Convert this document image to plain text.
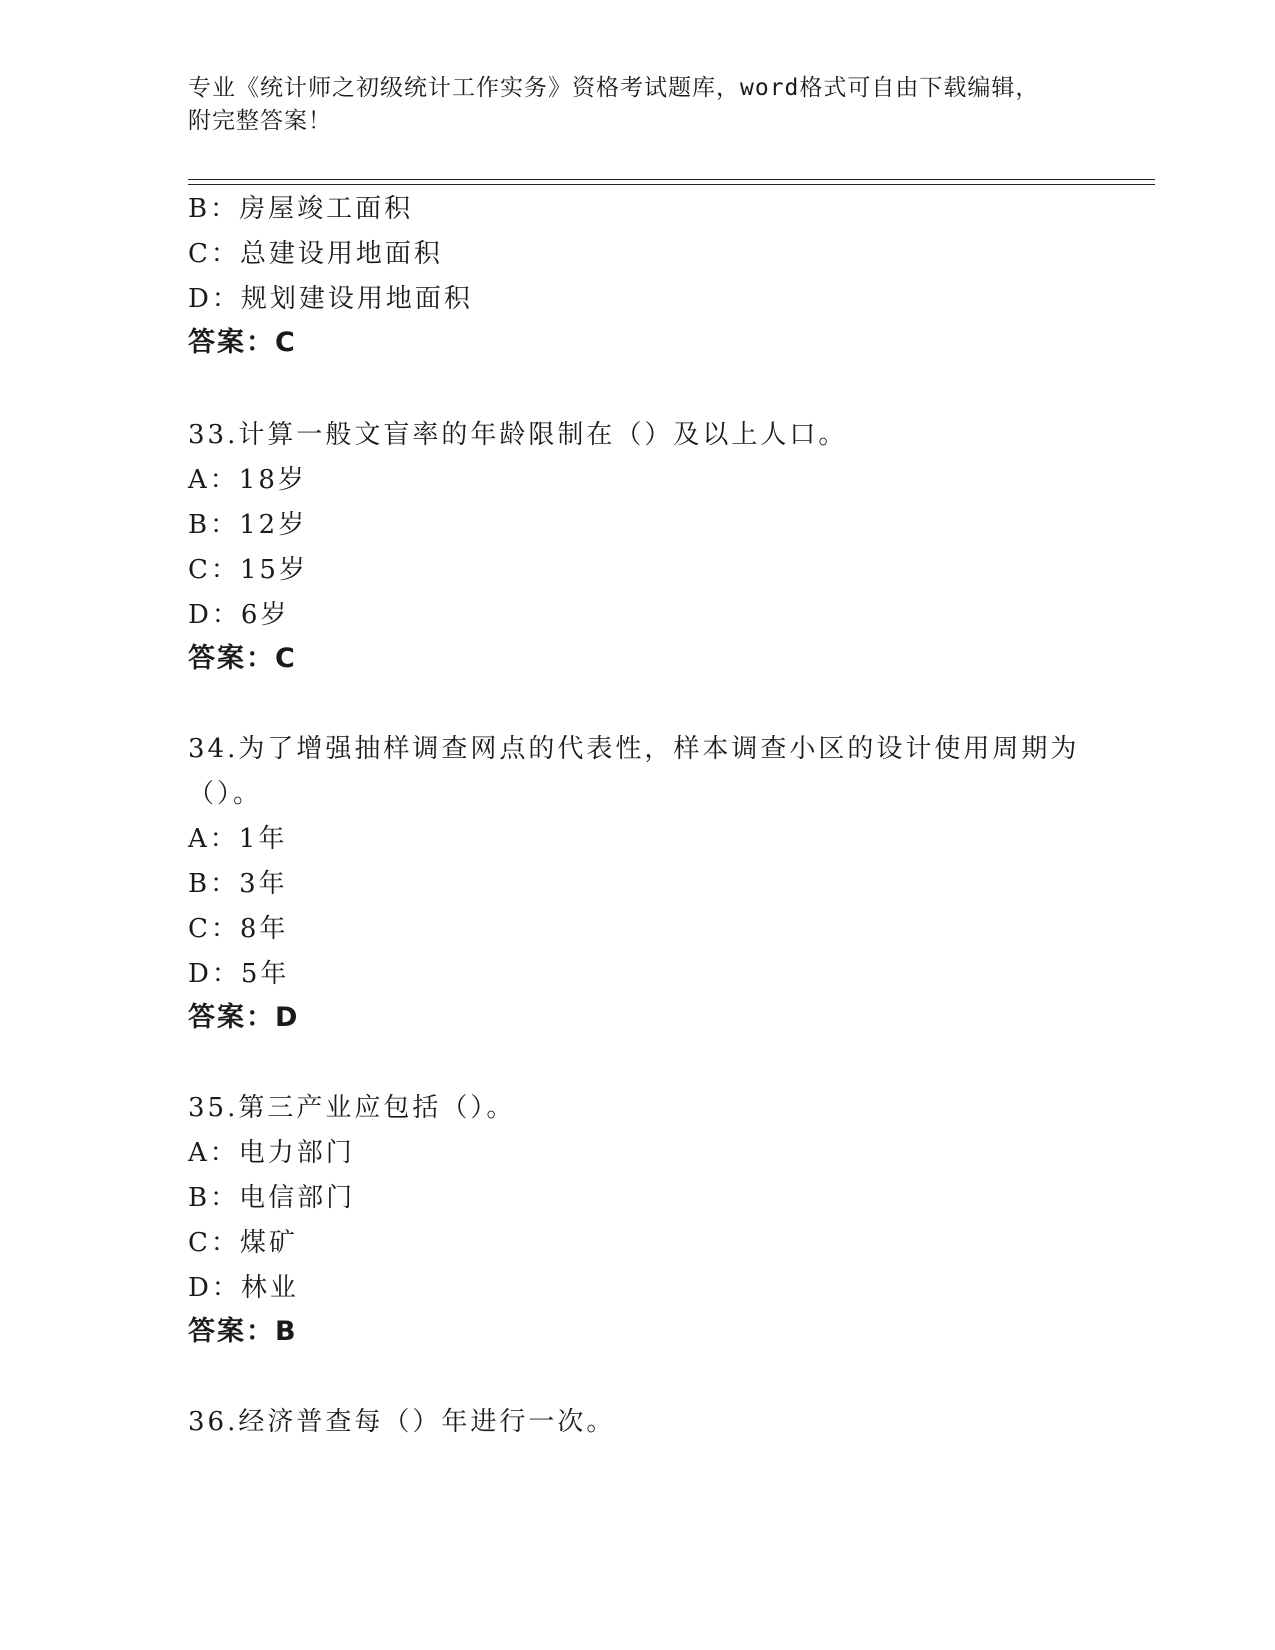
专业《统计师之初级统计工作实务》资格考试题库，word格式可自由下载编辑，
附完整答案！
B：房屋竣工面积
C：总建设用地面积
D：规划建设用地面积
答案：C
33.计算一般文盲率的年龄限制在（）及以上人口。
A：18岁
B：12岁
C：15岁
D：6岁
答案：C
34.为了增强抽样调查网点的代表性，样本调查小区的设计使用周期为
（）。
A：1年
B：3年
C：8年
D：5年
答案：D
35.第三产业应包括（）。
A：电力部门
B：电信部门
C：煤矿
D：林业
答案：B
36.经济普查每（）年进行一次。
